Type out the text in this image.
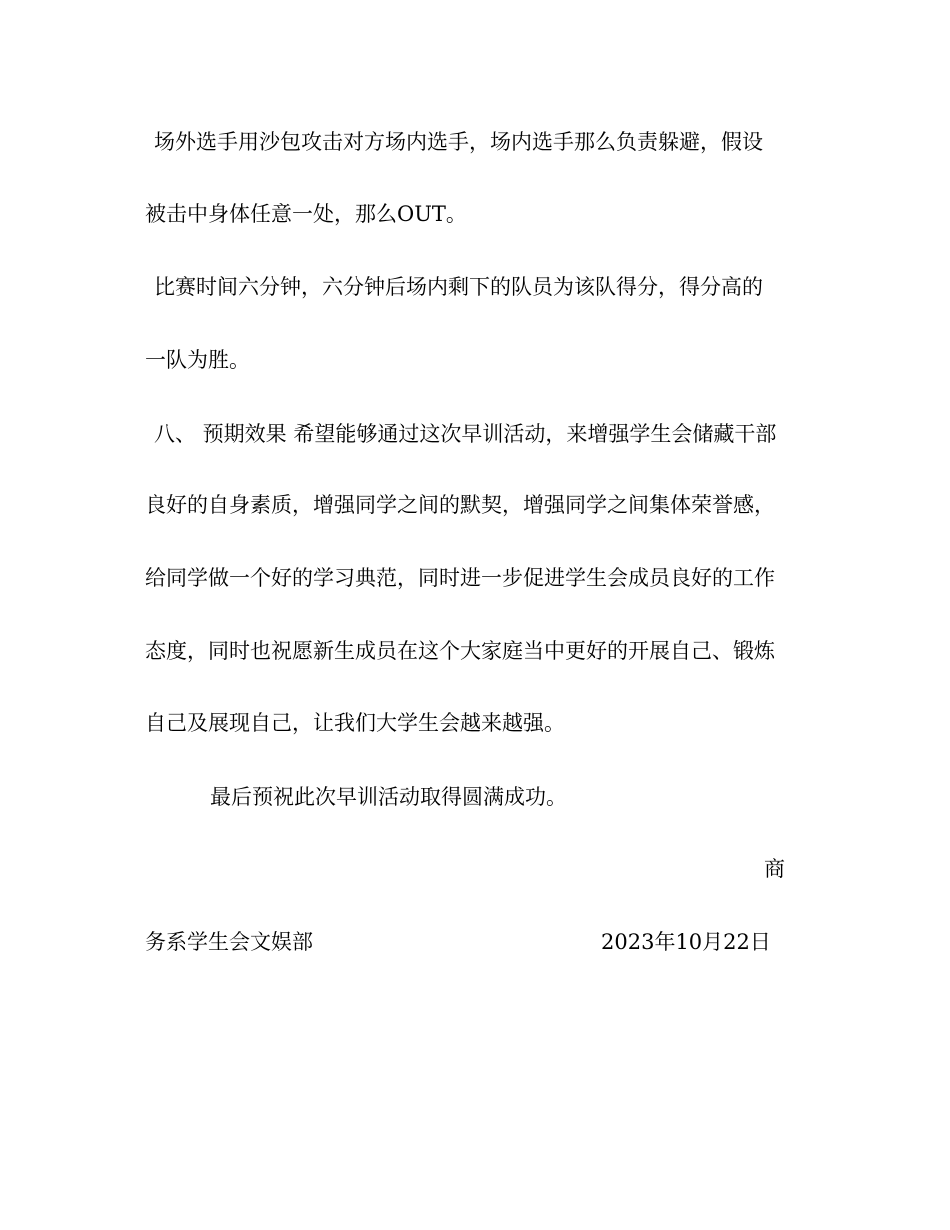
场外选手用沙包攻击对方场内选手，场内选手那么负责躲避，假设
被击中身体任意一处，那么OUT。
比赛时间六分钟，六分钟后场内剩下的队员为该队得分，得分高的
一队为胜。
八、 预期效果 希望能够通过这次早训活动，来增强学生会储藏干部
良好的自身素质，增强同学之间的默契，增强同学之间集体荣誉感，
给同学做一个好的学习典范，同时进一步促进学生会成员良好的工作
态度，同时也祝愿新生成员在这个大家庭当中更好的开展自己、锻炼
自己及展现自己，让我们大学生会越来越强。
最后预祝此次早训活动取得圆满成功。
商
务系学生会文娱部	2023年10月22日
